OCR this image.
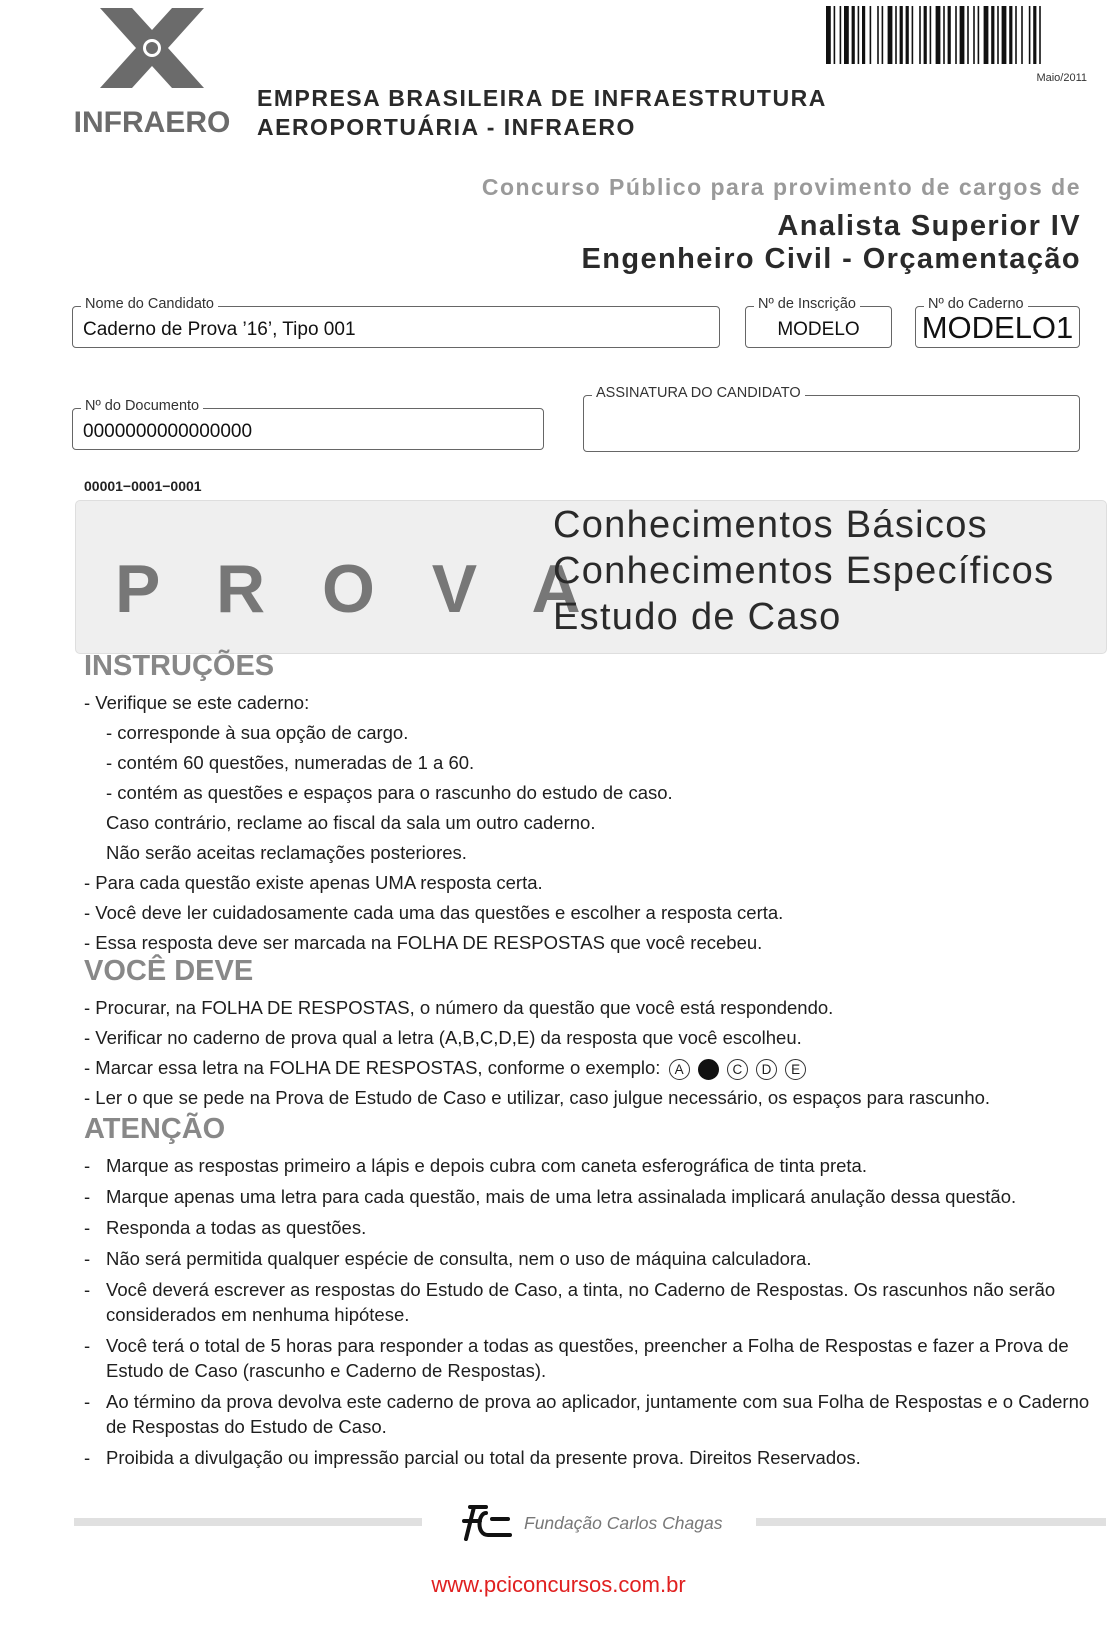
INFRAERO
EMPRESA BRASILEIRA DE INFRAESTRUTURA
AEROPORTUÁRIA - INFRAERO
Maio/2011
Concurso Público para provimento de cargos de
Analista Superior IV
Engenheiro Civil - Orçamentação
Nome do Candidato
Caderno de Prova ’16’, Tipo 001
Nº de Inscrição
MODELO
Nº do Caderno
MODELO1
Nº do Documento
0000000000000000
ASSINATURA DO CANDIDATO
00001−0001−0001
P R O V A
Conhecimentos Básicos
Conhecimentos Específicos
Estudo de Caso
INSTRUÇÕES
- Verifique se este caderno:
- corresponde à sua opção de cargo.
- contém 60 questões, numeradas de 1 a 60.
- contém as questões e espaços para o rascunho do estudo de caso.
Caso contrário, reclame ao fiscal da sala um outro caderno.
Não serão aceitas reclamações posteriores.
- Para cada questão existe apenas UMA resposta certa.
- Você deve ler cuidadosamente cada uma das questões e escolher a resposta certa.
- Essa resposta deve ser marcada na FOLHA DE RESPOSTAS que você recebeu.
VOCÊ DEVE
- Procurar, na FOLHA DE RESPOSTAS, o número da questão que você está respondendo.
- Verificar no caderno de prova qual a letra (A,B,C,D,E) da resposta que você escolheu.
- Marcar essa letra na FOLHA DE RESPOSTAS, conforme o exemplo: A	C D E
- Ler o que se pede na Prova de Estudo de Caso e utilizar, caso julgue necessário, os espaços para rascunho.
ATENÇÃO
- Marque as respostas primeiro a lápis e depois cubra com caneta esferográfica de tinta preta.
- Marque apenas uma letra para cada questão, mais de uma letra assinalada implicará anulação dessa questão.
- Responda a todas as questões.
- Não será permitida qualquer espécie de consulta, nem o uso de máquina calculadora.
- Você deverá escrever as respostas do Estudo de Caso, a tinta, no Caderno de Respostas. Os rascunhos não serão considerados em nenhuma hipótese.
- Você terá o total de 5 horas para responder a todas as questões, preencher a Folha de Respostas e fazer a Prova de Estudo de Caso (rascunho e Caderno de Respostas).
- Ao término da prova devolva este caderno de prova ao aplicador, juntamente com sua Folha de Respostas e o Caderno de Respostas do Estudo de Caso.
- Proibida a divulgação ou impressão parcial ou total da presente prova. Direitos Reservados.
Fundação Carlos Chagas
www.pciconcursos.com.br
